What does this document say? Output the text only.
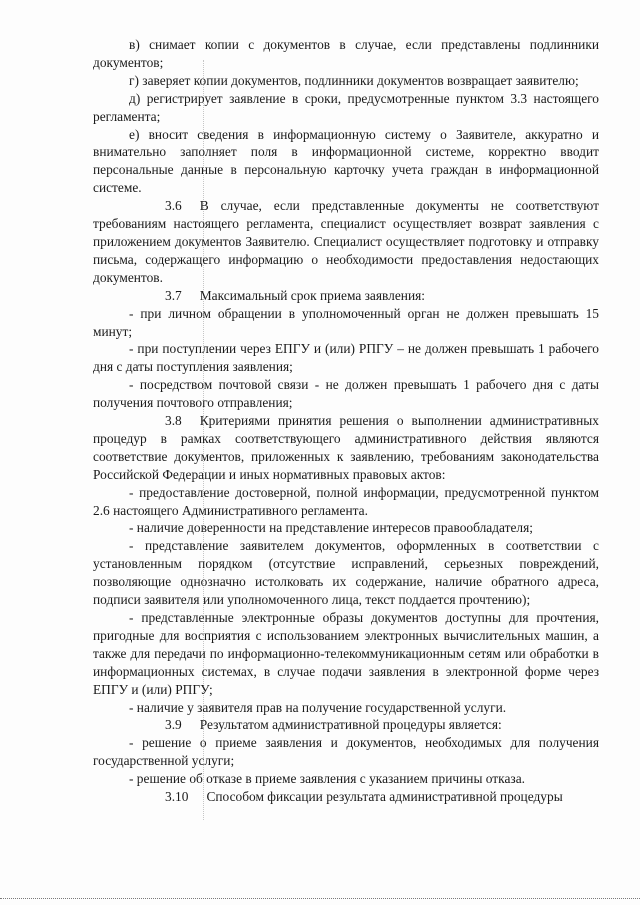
в) снимает копии с документов в случае, если представлены подлинники документов;

г) заверяет копии документов, подлинники документов возвращает заявителю;

д) регистрирует заявление в сроки, предусмотренные пунктом 3.3 настоящего регламента;

е) вносит сведения в информационную систему о Заявителе, аккуратно и внимательно заполняет поля в информационной системе, корректно вводит персональные данные в персональную карточку учета граждан в информационной системе.

3.6 В случае, если представленные документы не соответствуют требованиям настоящего регламента, специалист осуществляет возврат заявления с приложением документов Заявителю. Специалист осуществляет подготовку и отправку письма, содержащего информацию о необходимости предоставления недостающих документов.

3.7 Максимальный срок приема заявления:

- при личном обращении в уполномоченный орган не должен превышать 15 минут;

- при поступлении через ЕПГУ и (или) РПГУ – не должен превышать 1 рабочего дня с даты поступления заявления;

- посредством почтовой связи - не должен превышать 1 рабочего дня с даты получения почтового отправления;

3.8 Критериями принятия решения о выполнении административных процедур в рамках соответствующего административного действия являются соответствие документов, приложенных к заявлению, требованиям законодательства Российской Федерации и иных нормативных правовых актов:

- предоставление достоверной, полной информации, предусмотренной пунктом 2.6 настоящего Административного регламента.

- наличие доверенности на представление интересов правообладателя;

- представление заявителем документов, оформленных в соответствии с установленным порядком (отсутствие исправлений, серьезных повреждений, позволяющие однозначно истолковать их содержание, наличие обратного адреса, подписи заявителя или уполномоченного лица, текст поддается прочтению);

- представленные электронные образы документов доступны для прочтения, пригодные для восприятия с использованием электронных вычислительных машин, а также для передачи по информационно-телекоммуникационным сетям или обработки в информационных системах, в случае подачи заявления в электронной форме через ЕПГУ и (или) РПГУ;

- наличие у заявителя прав на получение государственной услуги.

3.9 Результатом административной процедуры является:

- решение о приеме заявления и документов, необходимых для получения государственной услуги;

- решение об отказе в приеме заявления с указанием причины отказа.

3.10 Способом фиксации результата административной процедуры
